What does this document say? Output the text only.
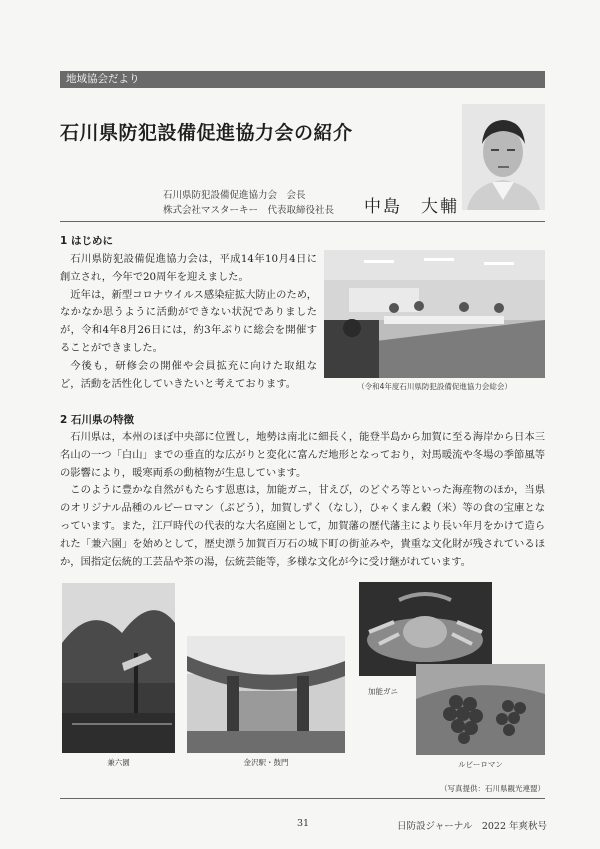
地域協会だより
石川県防犯設備促進協力会の紹介
石川県防犯設備促進協力会　会長
株式会社マスターキー　代表取締役社長 中島　大輔
1 はじめに

石川県防犯設備促進協力会は，平成14年10月4日に創立され，今年で20周年を迎えました。

近年は，新型コロナウイルス感染症拡大防止のため，なかなか思うように活動ができない状況でありましたが，令和4年8月26日には，約3年ぶりに総会を開催することができました。

今後も，研修会の開催や会員拡充に向けた取組など，活動を活性化していきたいと考えております。	（令和4年度石川県防犯設備促進協力会総会）
2 石川県の特徴

石川県は，本州のほぼ中央部に位置し，地勢は南北に細長く，能登半島から加賀に至る海岸から日本三名山の一つ「白山」までの垂直的な広がりと変化に富んだ地形となっており，対馬暖流や冬場の季節風等の影響により，暖寒両系の動植物が生息しています。

このように豊かな自然がもたらす恩恵は，加能ガニ，甘えび，のどぐろ等といった海産物のほか，当県のオリジナル品種のルビーロマン（ぶどう），加賀しずく（なし），ひゃくまん穀（米）等の食の宝庫となっています。また，江戸時代の代表的な大名庭園として，加賀藩の歴代藩主により長い年月をかけて造られた「兼六園」を始めとして，歴史漂う加賀百万石の城下町の街並みや，貴重な文化財が残されているほか，国指定伝統的工芸品や茶の湯，伝統芸能等，多様な文化が今に受け継がれています。

兼六園	金沢駅・鼓門
加能ガニ
ルビーロマン
（写真提供：石川県観光連盟）
31	日防設ジャーナル　2022 年爽秋号
